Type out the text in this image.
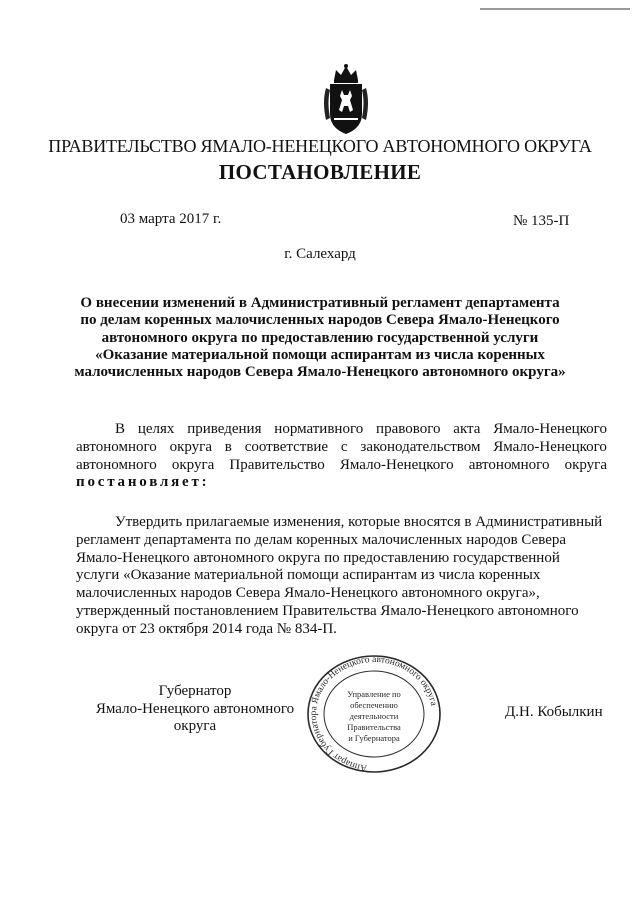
ПРАВИТЕЛЬСТВО ЯМАЛО-НЕНЕЦКОГО АВТОНОМНОГО ОКРУГА
ПОСТАНОВЛЕНИЕ
03 марта 2017 г.	№ 135-П
г. Салехард
О внесении изменений в Административный регламент департамента
по делам коренных малочисленных народов Севера Ямало-Ненецкого
автономного округа по предоставлению государственной услуги
«Оказание материальной помощи аспирантам из числа коренных
малочисленных народов Севера Ямало-Ненецкого автономного округа»
В целях приведения нормативного правового акта Ямало-Ненецкого
автономного округа в соответствие с законодательством Ямало-Ненецкого
автономного округа Правительство Ямало-Ненецкого автономного округа
постановляет:
Утвердить прилагаемые изменения, которые вносятся в Административный
регламент департамента по делам коренных малочисленных народов Севера
Ямало-Ненецкого автономного округа по предоставлению государственной
услуги «Оказание материальной помощи аспирантам из числа коренных
малочисленных народов Севера Ямало-Ненецкого автономного округа»,
утвержденный постановлением Правительства Ямало-Ненецкого автономного
округа от 23 октября 2014 года № 834-П.
Губернатор
Ямало-Ненецкого автономного округа
Аппарат Губернатора Ямало-Ненецкого автономного округа
Управление по
обеспечению
деятельности
Правительства
и Губернатора
Д.Н. Кобылкин
